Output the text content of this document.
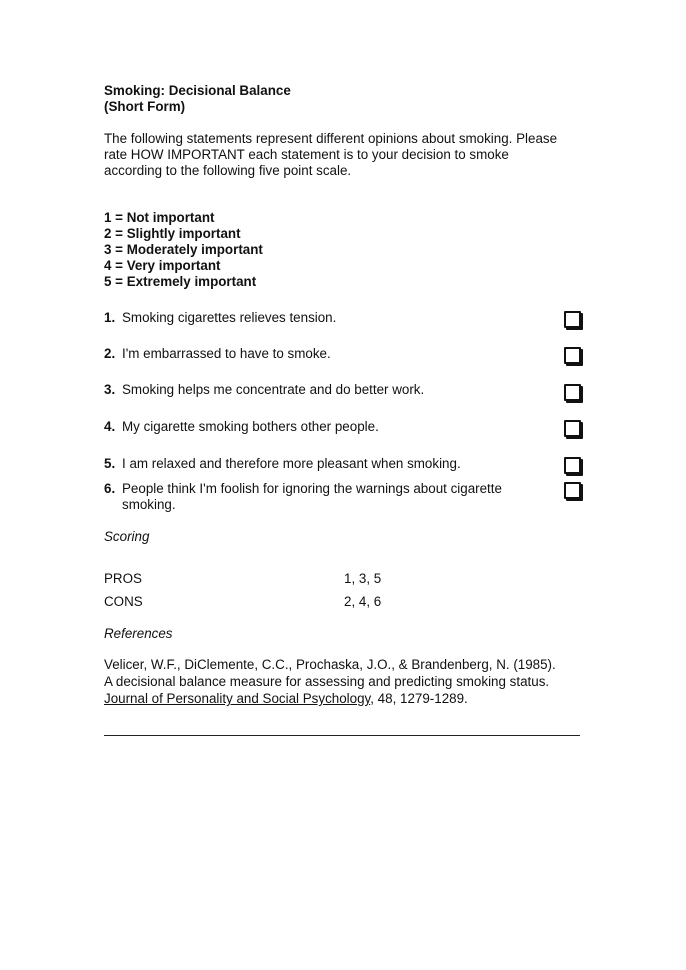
Smoking: Decisional Balance
(Short Form)
The following statements represent different opinions about smoking. Please
rate HOW IMPORTANT each statement is to your decision to smoke
according to the following five point scale.
1 = Not important
2 = Slightly important
3 = Moderately important
4 = Very important
5 = Extremely important
1. Smoking cigarettes relieves tension.
2. I'm embarrassed to have to smoke.
3. Smoking helps me concentrate and do better work.
4. My cigarette smoking bothers other people.
5. I am relaxed and therefore more pleasant when smoking.
6. People think I'm foolish for ignoring the warnings about cigarette
smoking.
Scoring
PROS	1, 3, 5
CONS	2, 4, 6
References
Velicer, W.F., DiClemente, C.C., Prochaska, J.O., & Brandenberg, N. (1985).
A decisional balance measure for assessing and predicting smoking status.
Journal of Personality and Social Psychology, 48, 1279-1289.
